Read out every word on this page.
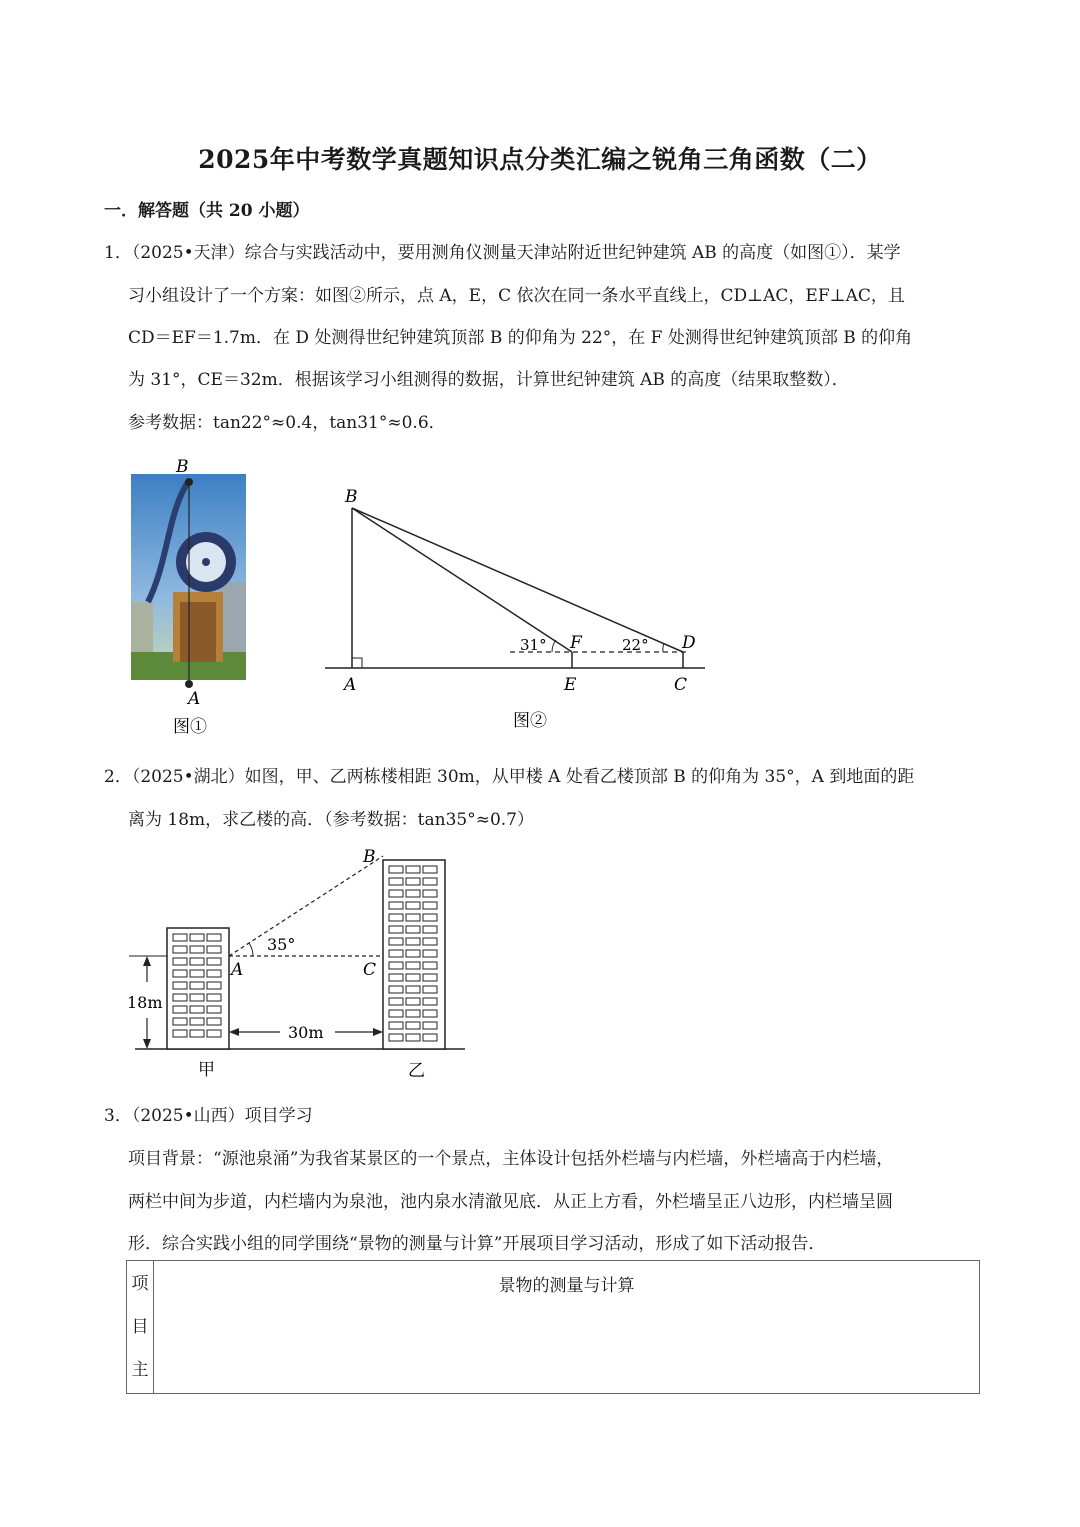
2025年中考数学真题知识点分类汇编之锐角三角函数（二）
一．解答题（共 20 小题）
1．（2025•天津）综合与实践活动中，要用测角仪测量天津站附近世纪钟建筑 AB 的高度（如图①）．某学
习小组设计了一个方案：如图②所示，点 A，E，C 依次在同一条水平直线上，CD⊥AC，EF⊥AC，且
CD＝EF＝1.7m．在 D 处测得世纪钟建筑顶部 B 的仰角为 22°，在 F 处测得世纪钟建筑顶部 B 的仰角
为 31°，CE＝32m．根据该学习小组测得的数据，计算世纪钟建筑 AB 的高度（结果取整数）．
参考数据：tan22°≈0.4，tan31°≈0.6．
B
A
图①
B
A	E	C
F	D
31°	22°
图②
2．（2025•湖北）如图，甲、乙两栋楼相距 30m，从甲楼 A 处看乙楼顶部 B 的仰角为 35°，A 到地面的距
离为 18m，求乙楼的高．（参考数据：tan35°≈0.7）
B
A	C
35°
18m
30m
甲	乙
3．（2025•山西）项目学习
项目背景：“源池泉涌”为我省某景区的一个景点，主体设计包括外栏墙与内栏墙，外栏墙高于内栏墙，
两栏中间为步道，内栏墙内为泉池，池内泉水清澈见底．从正上方看，外栏墙呈正八边形，内栏墙呈圆
形．综合实践小组的同学围绕“景物的测量与计算”开展项目学习活动，形成了如下活动报告．
项
目
主
	景物的测量与计算
